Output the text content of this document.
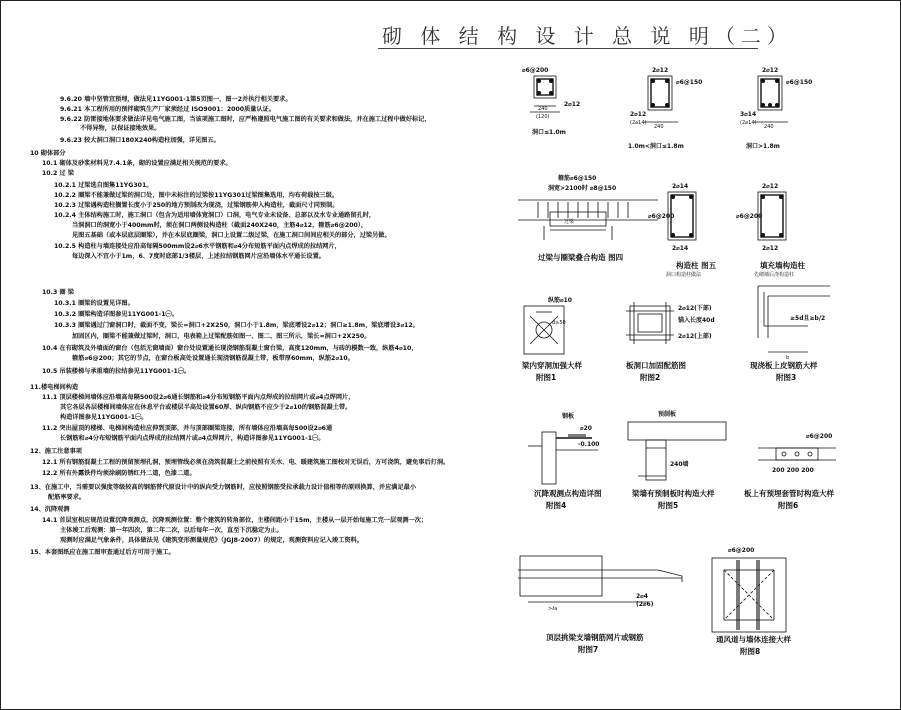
砌 体 结 构 设 计 总 说 明（二）
9.6.20 墙中坚管宜预埋，做法见11YG001-1第5页图一、图一2并执行相关要求。
9.6.21 本工程所用的预拌砌筑生产厂家须经过 ISO9001：2000质量认证。
9.6.22 防雷接地体要求做法详见电气施工图，当该项施工图时，应严格遵照电气施工图的有关要求和做法，并在施工过程中做好标记，
不得异物，以保证接地效果。
9.6.23 较大洞口洞口180X240构造柱加强，详见图五。
10 砌体部分
10.1 砌体及砂浆材料见7.4.1条，砌的设置应满足相关规范的要求。
10.2 过 梁
10.2.1 过梁选自图集11YG301。
10.2.2 圈梁不能兼做过梁的洞口处，图中未标注的过梁按11YG301过梁图集选用，均布荷载按三级。
10.2.3 过梁遇构造柱搁置长度小于250的地方预制改为现浇，过梁钢筋伸入构造柱，截面尺寸同预制。
10.2.4 主体结构施工时，施工洞口（包含为适用墙体宽洞口）口洞，电气专业未设备、总部以及水专业通路留孔时，
当洞洞口的洞宽小于400mm时，须在洞口两侧设构造柱（截面240X240，主筋4⌀12，箍筋⌀6@200），
见图五基础（或本层底层圈梁），并在本层底圈梁，洞口上设置二级过梁，在施工洞口间间应相关的部分，过梁另做。
10.2.5 构造柱与墙连接处应沿高每隔500mm设2⌀6水平钢筋和⌀4分布短筋平面内点焊成的拉结网片，
每边深入不宜小于1m，6、7度时底部1/3楼层，上述拉结钢筋网片应沿墙体水平通长设置。
10.3 圈 梁
10.3.1 圈梁的设置见详图。
10.3.2 圈梁构造详图参见11YG001-1㊀。
10.3.3 圈梁遇过门窗洞口时，截面不变，梁长=洞口+2X250，洞口小于1.8m，梁底增设2⌀12；洞口≥1.8m，梁底增设3⌀12。
加固区内，圈梁不能兼做过梁时，洞口，电表箱上过梁配筋如图一、图二、图三所示，梁长=洞口+2X250。
10.4 在有砌筑及外墙面的窗台（包括无窗墙面）窗台处设置通长现浇钢筋混凝土窗台梁，高度120mm，与砖的模数一致，纵筋4⌀10，
箍筋⌀6@200；其它的节点，在窗台板高处设置通长现浇钢筋混凝土带，板带厚60mm，纵筋2⌀10。
10.5 吊装楼梯与承重墙的拉结参见11YG001-1㊀。
11.楼电梯间构造
11.1 顶层楼梯间墙体应沿墙高每隔500设2⌀6通长钢筋和⌀4分布短钢筋平面内点焊成的拉结网片或⌀4点焊网片，
其它各层各层楼梯间墙体应在休息平台或楼层半高处设置60厚、纵向钢筋不应少于2⌀10的钢筋混凝土带。
构造详图参见11YG001-1㊀。
11.2 突出屋顶的楼梯、电梯间构造柱应伸到顶部，并与顶部圈梁连接，所有墙体应沿墙高每500设2⌀6通
长钢筋和⌀4分布短钢筋平面内点焊成的拉结网片或⌀4点焊网片，构造详图参见11YG001-1㊀。
12、施工注意事项
12.1 所有钢筋混凝土工程的预留预埋孔洞，预埋管线必须在浇筑混凝土之前按照有关水、电、暖建筑施工图校对无误后，方可浇筑，避免事后打洞。
12.2 所有外露铁件均须涂刷防锈红丹二道，色漆二道。
13、在施工中，当需要以强度等级较高的钢筋替代原设计中的纵向受力钢筋时，应按照钢筋受拉承载力设计值相等的原则换算，并应满足最小
配筋率要求。
14、沉降观测
14.1 首层室相应规范设置沉降观测点，沉降观测位置：整个建筑的转角部位，主楼间距小于15m，主楼从一层开始每施工完一层观测一次；
主体竣工后观测：第一年四次，第二年二次，以后每年一次，直至下沉稳定为止。
观测时应满足气象条件，具体做法见《建筑变形测量规范》（JGJ8-2007）的规定，观测资料应记入竣工资料。
15、本套图纸应在施工图审查通过后方可用于施工。
⌀6@200
2⌀12
240
(120)
洞口≤1.0m
2⌀12
⌀6@150
2⌀12
(2⌀14)
240
1.0m<洞口≤1.8m
2⌀12
⌀6@150
3⌀14
(2⌀14)
240
洞口>1.8m
箍筋⌀6@150
洞宽>2100时 ⌀8@150
过梁
过梁与圈梁叠合构造 图四
2⌀14
⌀6@200
2⌀14
构造柱 图五
洞口构造柱做法
2⌀12
⌀6@200
2⌀12
填充墙构造柱
先砌墙后浇构造柱
纵筋⌀10
d≥50
梁内穿洞加强大样
附图1
2⌀12(下部)
锚入长度40d
2⌀12(上部)
板洞口加固配筋图
附图2
≥5d且≥b/2
b
现浇板上皮钢筋大样
附图3
钢板
⌀20
-0.100
沉降观测点构造详图
附图4
预制板
240墙
梁墙有预制板时构造大样
附图5
⌀6@200
200 200 200
板上有预埋套管时构造大样
附图6
>ℓa
2⌀4
(2⌀6)
顶层挑梁支墙钢筋网片或钢筋
附图7
⌀6@200
通风道与墙体连接大样
附图8
